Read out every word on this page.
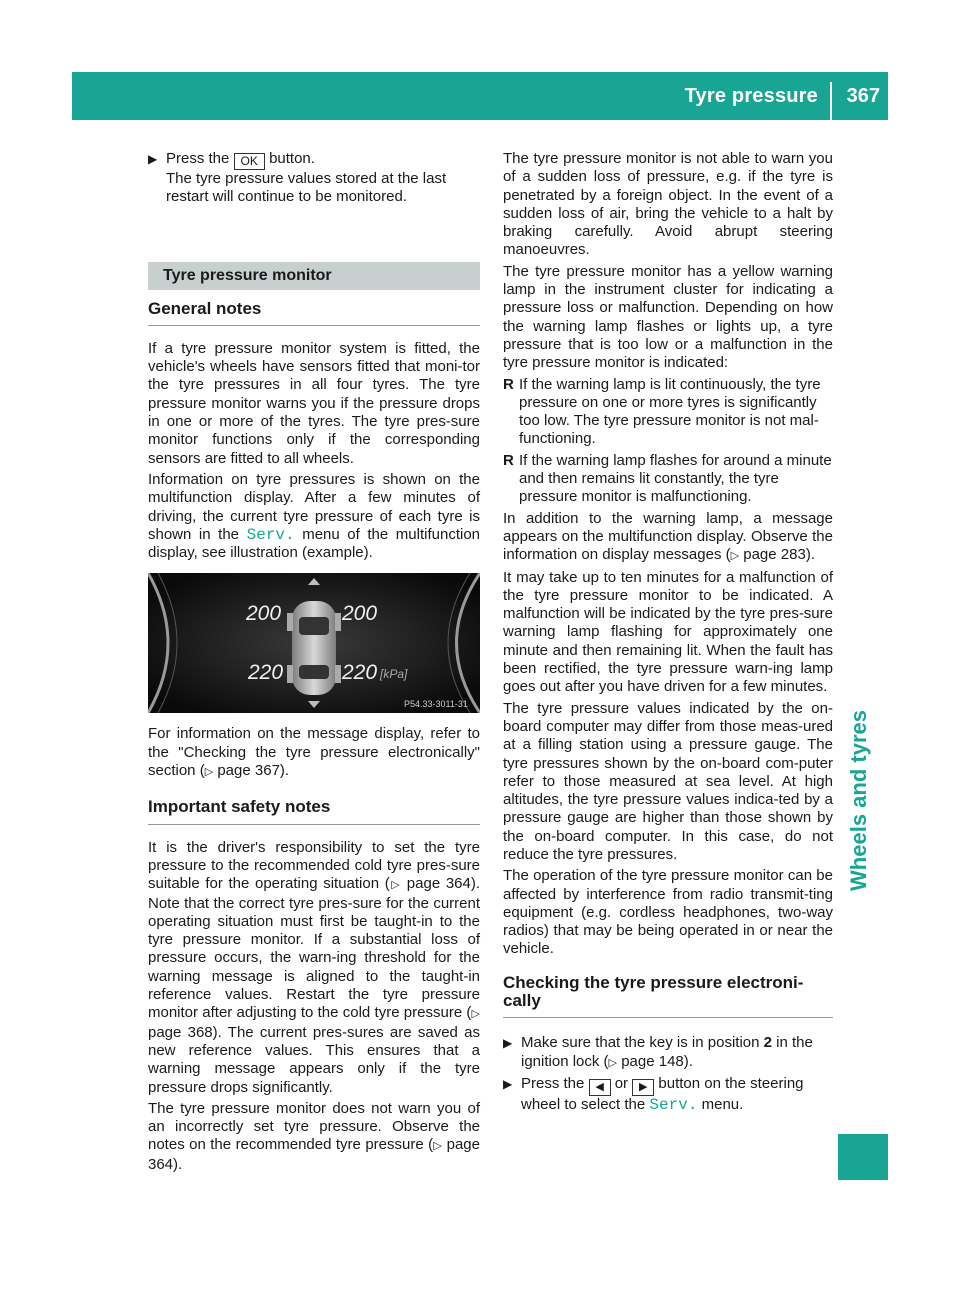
Tyre pressure 367
Wheels and tyres
▶ Press the OK button.
The tyre pressure values stored at the last restart will continue to be monitored.
Tyre pressure monitor
General notes

If a tyre pressure monitor system is fitted, the vehicle's wheels have sensors fitted that moni-tor the tyre pressures in all four tyres. The tyre pressure monitor warns you if the pressure drops in one or more of the tyres. The tyre pres-sure monitor functions only if the corresponding sensors are fitted to all wheels.

Information on tyre pressures is shown on the multifunction display. After a few minutes of driving, the current tyre pressure of each tyre is shown in the Serv. menu of the multifunction display, see illustration (example).

200	200
220	220 [kPa]
P54.33-3011-31

For information on the message display, refer to the "Checking the tyre pressure electronically" section (▷ page 367).

Important safety notes

It is the driver's responsibility to set the tyre pressure to the recommended cold tyre pres-sure suitable for the operating situation (▷ page 364). Note that the correct tyre pres-sure for the current operating situation must first be taught-in to the tyre pressure monitor. If a substantial loss of pressure occurs, the warn-ing threshold for the warning message is aligned to the taught-in reference values. Restart the tyre pressure monitor after adjusting to the cold tyre pressure (▷ page 368). The current pres-sures are saved as new reference values. This ensures that a warning message appears only if the tyre pressure drops significantly.

The tyre pressure monitor does not warn you of an incorrectly set tyre pressure. Observe the notes on the recommended tyre pressure (▷ page 364).

The tyre pressure monitor is not able to warn you of a sudden loss of pressure, e.g. if the tyre is penetrated by a foreign object. In the event of a sudden loss of air, bring the vehicle to a halt by braking carefully. Avoid abrupt steering manoeuvres.

The tyre pressure monitor has a yellow warning lamp in the instrument cluster for indicating a pressure loss or malfunction. Depending on how the warning lamp flashes or lights up, a tyre pressure that is too low or a malfunction in the tyre pressure monitor is indicated:

R If the warning lamp is lit continuously, the tyre pressure on one or more tyres is significantly too low. The tyre pressure monitor is not mal-functioning.
R If the warning lamp flashes for around a minute and then remains lit constantly, the tyre pressure monitor is malfunctioning.

In addition to the warning lamp, a message appears on the multifunction display. Observe the information on display messages (▷ page 283).

It may take up to ten minutes for a malfunction of the tyre pressure monitor to be indicated. A malfunction will be indicated by the tyre pres-sure warning lamp flashing for approximately one minute and then remaining lit. When the fault has been rectified, the tyre pressure warn-ing lamp goes out after you have driven for a few minutes.

The tyre pressure values indicated by the on-board computer may differ from those meas-ured at a filling station using a pressure gauge. The tyre pressures shown by the on-board com-puter refer to those measured at sea level. At high altitudes, the tyre pressure values indica-ted by a pressure gauge are higher than those shown by the on-board computer. In this case, do not reduce the tyre pressures.

The operation of the tyre pressure monitor can be affected by interference from radio transmit-ting equipment (e.g. cordless headphones, two-way radios) that may be being operated in or near the vehicle.

Checking the tyre pressure electroni-cally
▶ Make sure that the key is in position 2 in the ignition lock (▷ page 148).
▶ Press the ◀ or ▶ button on the steering wheel to select the Serv. menu.
